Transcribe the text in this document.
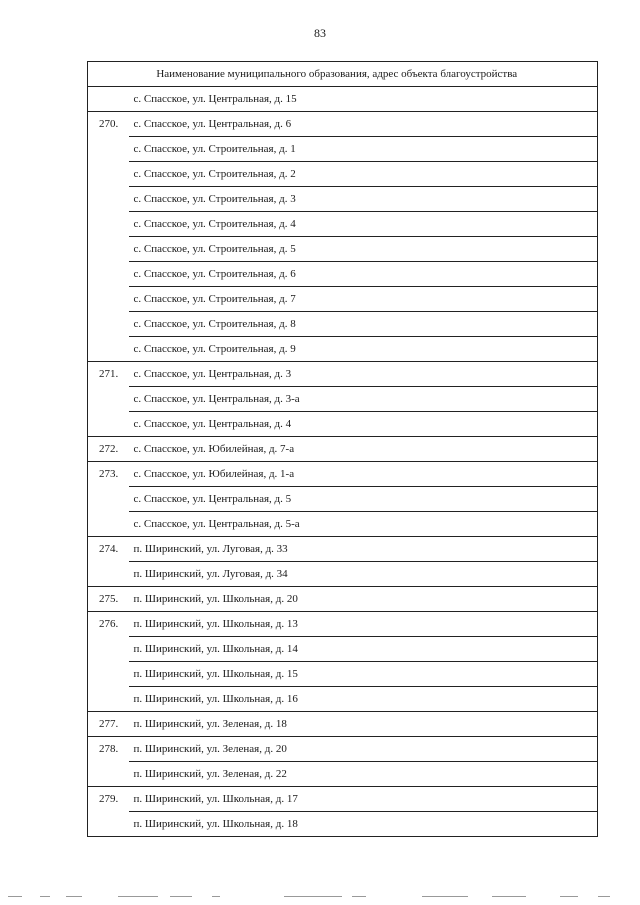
83
	Наименование муниципального образования, адрес объекта благоустройства
	с. Спасское, ул. Центральная, д. 15
270.	с. Спасское, ул. Центральная, д. 6
	с. Спасское, ул. Строительная, д. 1
	с. Спасское, ул. Строительная, д. 2
	с. Спасское, ул. Строительная, д. 3
	с. Спасское, ул. Строительная, д. 4
	с. Спасское, ул. Строительная, д. 5
	с. Спасское, ул. Строительная, д. 6
	с. Спасское, ул. Строительная, д. 7
	с. Спасское, ул. Строительная, д. 8
	с. Спасское, ул. Строительная, д. 9
271.	с. Спасское, ул. Центральная, д. 3
	с. Спасское, ул. Центральная, д. 3-а
	с. Спасское, ул. Центральная, д. 4
272.	с. Спасское, ул. Юбилейная, д. 7-а
273.	с. Спасское, ул. Юбилейная, д. 1-а
	с. Спасское, ул. Центральная, д. 5
	с. Спасское, ул. Центральная, д. 5-а
274.	п. Ширинский, ул. Луговая, д. 33
	п. Ширинский, ул. Луговая, д. 34
275.	п. Ширинский, ул. Школьная, д. 20
276.	п. Ширинский, ул. Школьная, д. 13
	п. Ширинский, ул. Школьная, д. 14
	п. Ширинский, ул. Школьная, д. 15
	п. Ширинский, ул. Школьная, д. 16
277.	п. Ширинский, ул. Зеленая, д. 18
278.	п. Ширинский, ул. Зеленая, д. 20
	п. Ширинский, ул. Зеленая, д. 22
279.	п. Ширинский, ул. Школьная, д. 17
	п. Ширинский, ул. Школьная, д. 18
